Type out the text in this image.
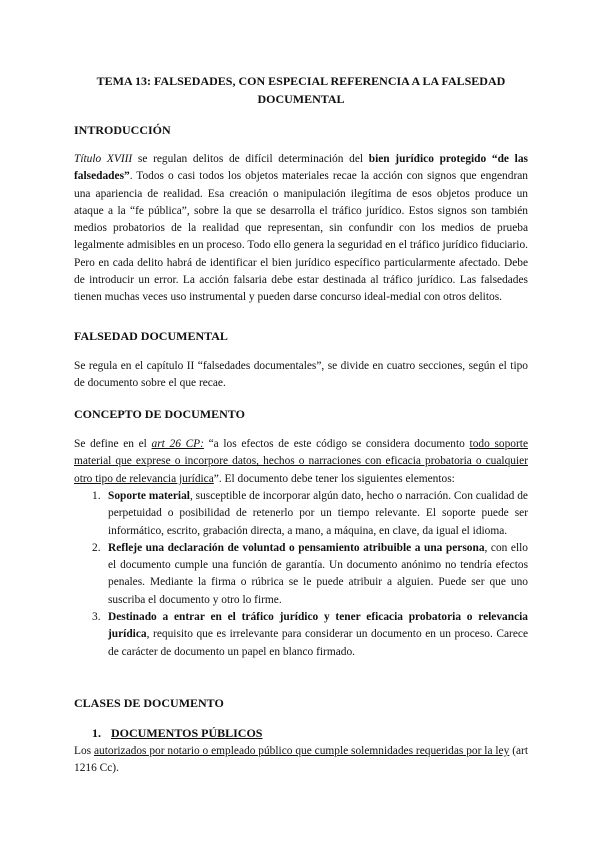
TEMA 13: FALSEDADES, CON ESPECIAL REFERENCIA A LA FALSEDAD DOCUMENTAL
INTRODUCCIÓN

Título XVIII se regulan delitos de difícil determinación del bien jurídico protegido “de las falsedades”. Todos o casi todos los objetos materiales recae la acción con signos que engendran una apariencia de realidad. Esa creación o manipulación ilegítima de esos objetos produce un ataque a la “fe pública”, sobre la que se desarrolla el tráfico jurídico. Estos signos son también medios probatorios de la realidad que representan, sin confundir con los medios de prueba legalmente admisibles en un proceso. Todo ello genera la seguridad en el tráfico jurídico fiduciario. Pero en cada delito habrá de identificar el bien jurídico específico particularmente afectado. Debe de introducir un error. La acción falsaria debe estar destinada al tráfico jurídico. Las falsedades tienen muchas veces uso instrumental y pueden darse concurso ideal-medial con otros delitos.

FALSEDAD DOCUMENTAL

Se regula en el capítulo II “falsedades documentales”, se divide en cuatro secciones, según el tipo de documento sobre el que recae.

CONCEPTO DE DOCUMENTO

Se define en el art 26 CP: “a los efectos de este código se considera documento todo soporte material que exprese o incorpore datos, hechos o narraciones con eficacia probatoria o cualquier otro tipo de relevancia jurídica”. El documento debe tener los siguientes elementos:

1. Soporte material, susceptible de incorporar algún dato, hecho o narración. Con cualidad de perpetuidad o posibilidad de retenerlo por un tiempo relevante. El soporte puede ser informático, escrito, grabación directa, a mano, a máquina, en clave, da igual el idioma.
2. Refleje una declaración de voluntad o pensamiento atribuible a una persona, con ello el documento cumple una función de garantía. Un documento anónimo no tendría efectos penales. Mediante la firma o rúbrica se le puede atribuir a alguien. Puede ser que uno suscriba el documento y otro lo firme.
3. Destinado a entrar en el tráfico jurídico y tener eficacia probatoria o relevancia jurídica, requisito que es irrelevante para considerar un documento en un proceso. Carece de carácter de documento un papel en blanco firmado.
CLASES DE DOCUMENTO
1. DOCUMENTOS PÚBLICOS

Los autorizados por notario o empleado público que cumple solemnidades requeridas por la ley (art 1216 Cc).
